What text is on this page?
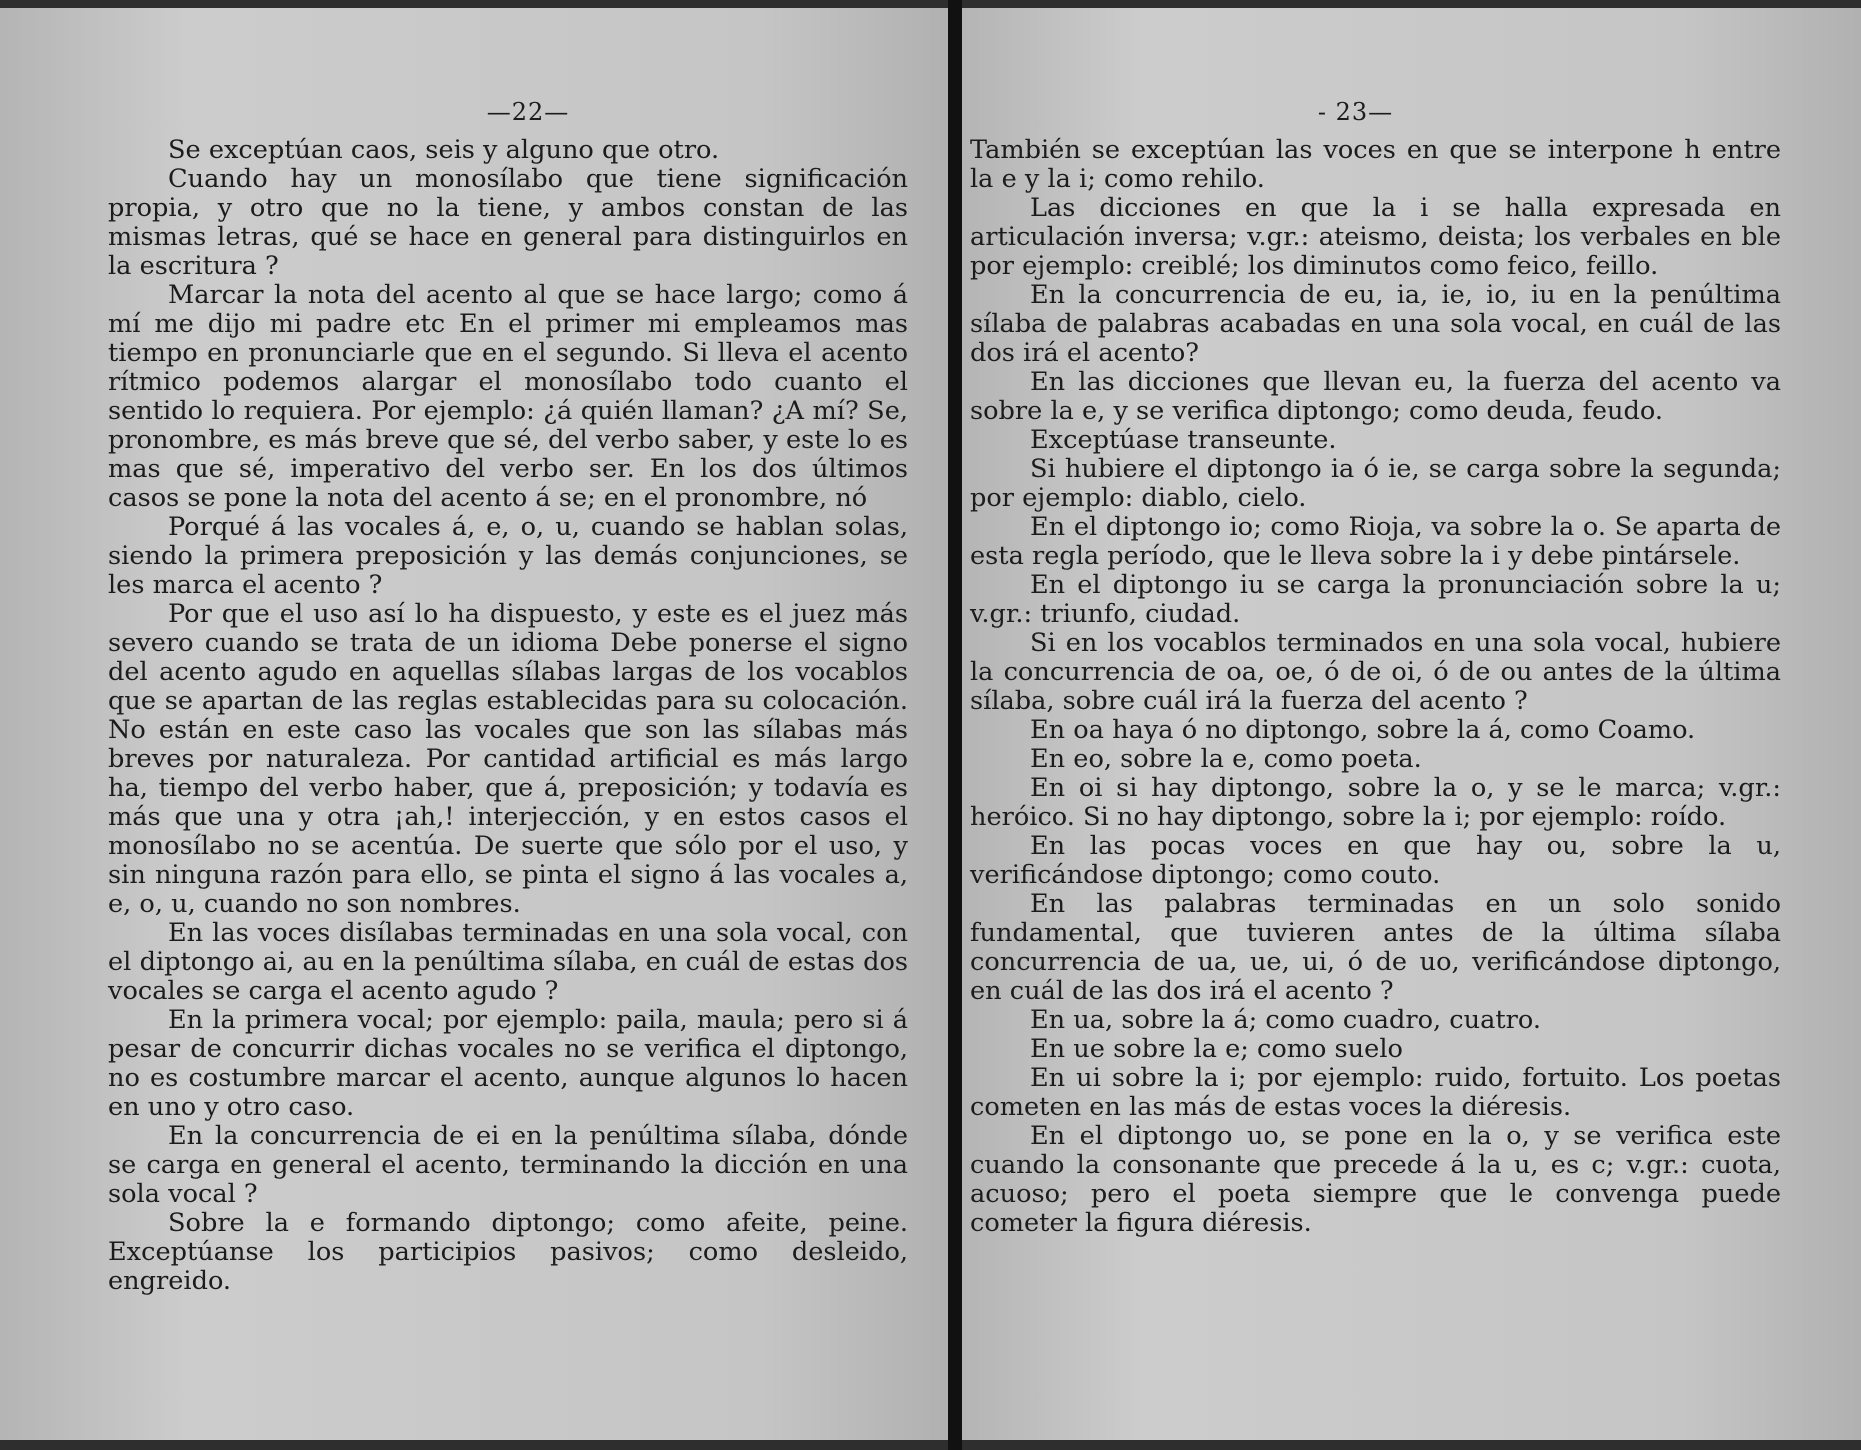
—22—

Se exceptúan caos, seis y alguno que otro.

Cuando hay un monosílabo que tiene significación propia, y otro que no la tiene, y ambos constan de las mismas letras, qué se hace en general para distinguirlos en la escritura ?

Marcar la nota del acento al que se hace largo; como á mí me dijo mi padre etc En el primer mi empleamos mas tiempo en pronunciarle que en el segundo. Si lleva el acento rítmico podemos alargar el monosílabo todo cuanto el sentido lo requiera. Por ejemplo: ¿á quién llaman? ¿A mí? Se, pronombre, es más breve que sé, del verbo saber, y este lo es mas que sé, imperativo del verbo ser. En los dos últimos casos se pone la nota del acento á se; en el pronombre, nó

Porqué á las vocales á, e, o, u, cuando se hablan solas, siendo la primera preposición y las demás conjunciones, se les marca el acento ?

Por que el uso así lo ha dispuesto, y este es el juez más severo cuando se trata de un idioma Debe ponerse el signo del acento agudo en aquellas sílabas largas de los vocablos que se apartan de las reglas establecidas para su colocación. No están en este caso las vocales que son las sílabas más breves por naturaleza. Por cantidad artificial es más largo ha, tiempo del verbo haber, que á, preposición; y todavía es más que una y otra ¡ah,! interjección, y en estos casos el monosílabo no se acentúa. De suerte que sólo por el uso, y sin ninguna razón para ello, se pinta el signo á las vocales a, e, o, u, cuando no son nombres.

En las voces disílabas terminadas en una sola vocal, con el diptongo ai, au en la penúltima sílaba, en cuál de estas dos vocales se carga el acento agudo ?

En la primera vocal; por ejemplo: paila, maula; pero si á pesar de concurrir dichas vocales no se verifica el diptongo, no es costumbre marcar el acento, aunque algunos lo hacen en uno y otro caso.

En la concurrencia de ei en la penúltima sílaba, dónde se carga en general el acento, terminando la dicción en una sola vocal ?

Sobre la e formando diptongo; como afeite, peine. Exceptúanse los participios pasivos; como desleido, engreido.

- 23—

También se exceptúan las voces en que se interpone h entre la e y la i; como rehilo.

Las dicciones en que la i se halla expresada en articulación inversa; v.gr.: ateismo, deista; los verbales en ble por ejemplo: creiblé; los diminutos como feico, feillo.

En la concurrencia de eu, ia, ie, io, iu en la penúltima sílaba de palabras acabadas en una sola vocal, en cuál de las dos irá el acento?

En las dicciones que llevan eu, la fuerza del acento va sobre la e, y se verifica diptongo; como deuda, feudo.

Exceptúase transeunte.

Si hubiere el diptongo ia ó ie, se carga sobre la segunda; por ejemplo: diablo, cielo.

En el diptongo io; como Rioja, va sobre la o. Se aparta de esta regla período, que le lleva sobre la i y debe pintársele.

En el diptongo iu se carga la pronunciación sobre la u; v.gr.: triunfo, ciudad.

Si en los vocablos terminados en una sola vocal, hubiere la concurrencia de oa, oe, ó de oi, ó de ou antes de la última sílaba, sobre cuál irá la fuerza del acento ?

En oa haya ó no diptongo, sobre la á, como Coamo.

En eo, sobre la e, como poeta.

En oi si hay diptongo, sobre la o, y se le marca; v.gr.: heróico. Si no hay diptongo, sobre la i; por ejemplo: roído.

En las pocas voces en que hay ou, sobre la u, verificándose diptongo; como couto.

En las palabras terminadas en un solo sonido fundamental, que tuvieren antes de la última sílaba concurrencia de ua, ue, ui, ó de uo, verificándose diptongo, en cuál de las dos irá el acento ?

En ua, sobre la á; como cuadro, cuatro.

En ue sobre la e; como suelo

En ui sobre la i; por ejemplo: ruido, fortuito. Los poetas cometen en las más de estas voces la diéresis.

En el diptongo uo, se pone en la o, y se verifica este cuando la consonante que precede á la u, es c; v.gr.: cuota, acuoso; pero el poeta siempre que le convenga puede cometer la figura diéresis.
